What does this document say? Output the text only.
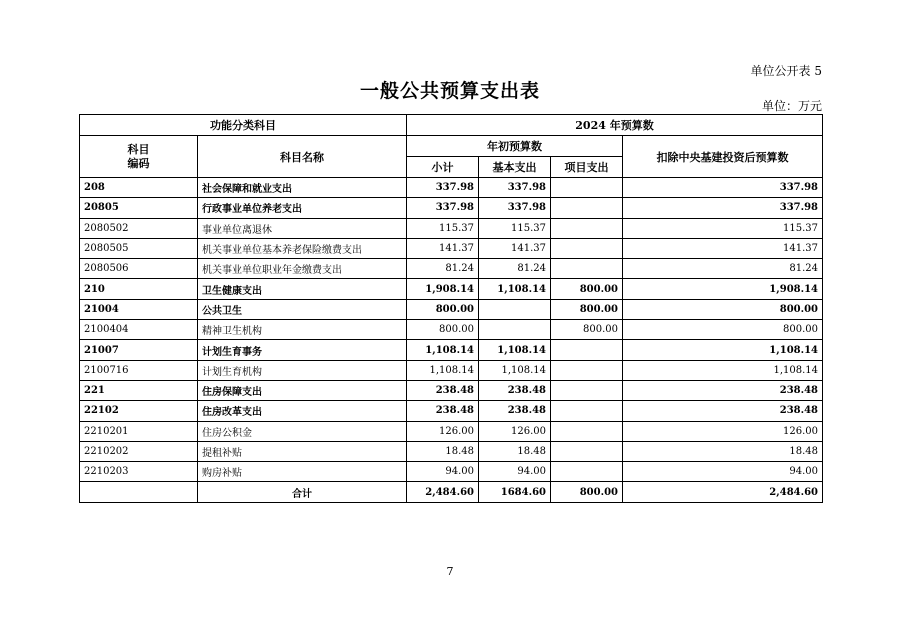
单位公开表 5
一般公共预算支出表
单位：万元
功能分类科目		2024 年预算数			
科目
编码	科目名称	年初预算数			扣除中央基建投资后预算数
		小计	基本支出	项目支出	
208	社会保障和就业支出	337.98	337.98		337.98
20805	行政事业单位养老支出	337.98	337.98		337.98
2080502	事业单位离退休	115.37	115.37		115.37
2080505	机关事业单位基本养老保险缴费支出	141.37	141.37		141.37
2080506	机关事业单位职业年金缴费支出	81.24	81.24		81.24
210	卫生健康支出	1,908.14	1,108.14	800.00	1,908.14
21004	公共卫生	800.00		800.00	800.00
2100404	精神卫生机构	800.00		800.00	800.00
21007	计划生育事务	1,108.14	1,108.14		1,108.14
2100716	计划生育机构	1,108.14	1,108.14		1,108.14
221	住房保障支出	238.48	238.48		238.48
22102	住房改革支出	238.48	238.48		238.48
2210201	住房公积金	126.00	126.00		126.00
2210202	提租补贴	18.48	18.48		18.48
2210203	购房补贴	94.00	94.00		94.00
	合计	2,484.60	1684.60	800.00	2,484.60
7
